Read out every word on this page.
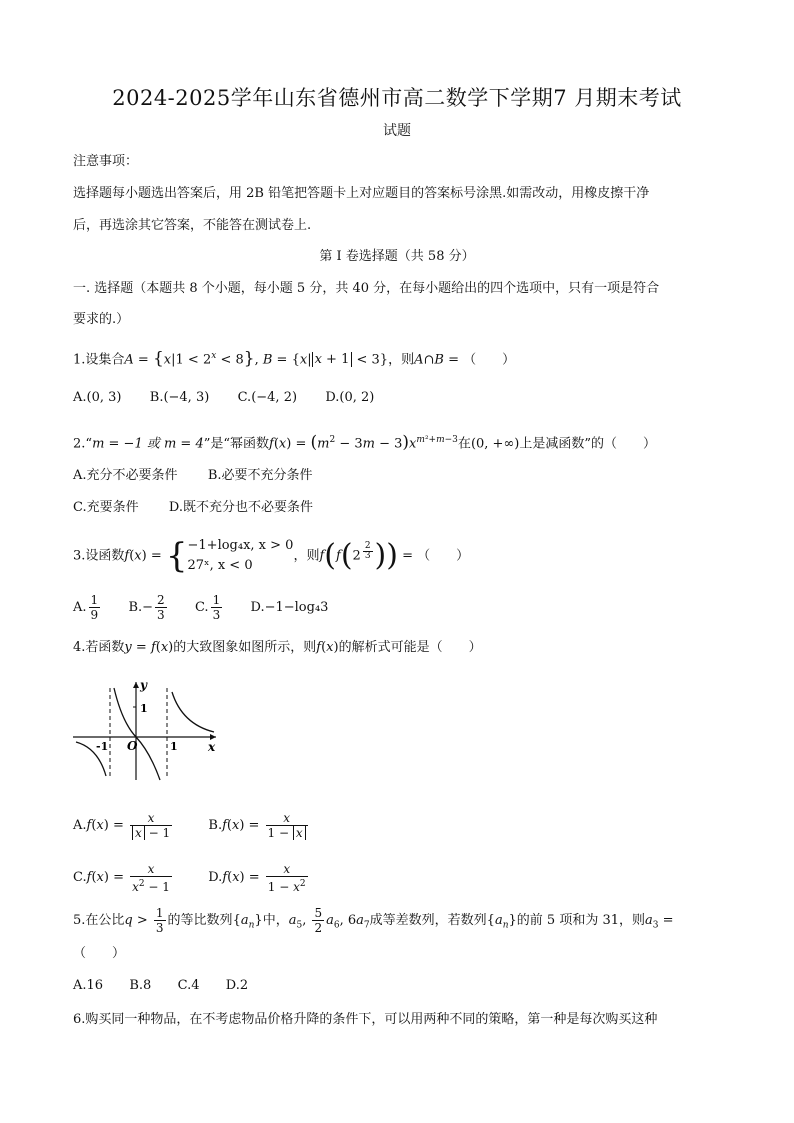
2024-2025学年山东省德州市高二数学下学期7 月期末考试
试题
注意事项：
选择题每小题选出答案后，用 2B 铅笔把答题卡上对应题目的答案标号涂黑.如需改动，用橡皮擦干净
后，再选涂其它答案，不能答在测试卷上.
第 I 卷选择题（共 58 分）
一. 选择题（本题共 8 个小题，每小题 5 分，共 40 分，在每小题给出的四个选项中，只有一项是符合
要求的.）
1.设集合$A = \{x|1 < 2^x < 8\}$, B = {x| x + 1 < 3}，则A∩B = （　　）
A.(0, 3) B.(−4, 3) C.(−4, 2) D.(0, 2)
2.“m = −1 或 m = 4”是“幂函数$f(x) = (m^2 - 3m - 3)x^{m^2+m-3}$在(0, +∞)上是减函数”的（　　）
A.充分不必要条件 B.必要不充分条件
C.充要条件 D.既不充分也不必要条件
3.设函数f(x) = { −1+log₄x, x > 0
27ˣ, x < 0
，则f(f(2 $^{\frac{2}{3}}$ )) = （　　）
A. $\frac{1}{9} B.- \frac{2}{3} C$. $\frac{1}{3} D.-1-\log_43$
4.若函数y = f(x)的大致图象如图所示，则f(x)的解析式可能是（　　）
y
x
O
1
-1	1
$A.f(x) = \frac{x}{x - 1}$	$B.f(x) = \frac{x}{1 - x}$
$C.f(x) = \frac{x}{x^2 - 1}$	$D.f(x) = \frac{x}{1 - x^2}$
5.在公比$q > \frac{1}{3}$ 的等比数列$\{a_n\}$中，$a_5$, $\frac{5}{2} a_6$, $6a_7$成等差数列，若数列$\{a_n\}$的前 5 项和为 31，则$a_3$ =
（　　）
A.16 B.8 C.4 D.2
6.购买同一种物品，在不考虑物品价格升降的条件下，可以用两种不同的策略，第一种是每次购买这种
